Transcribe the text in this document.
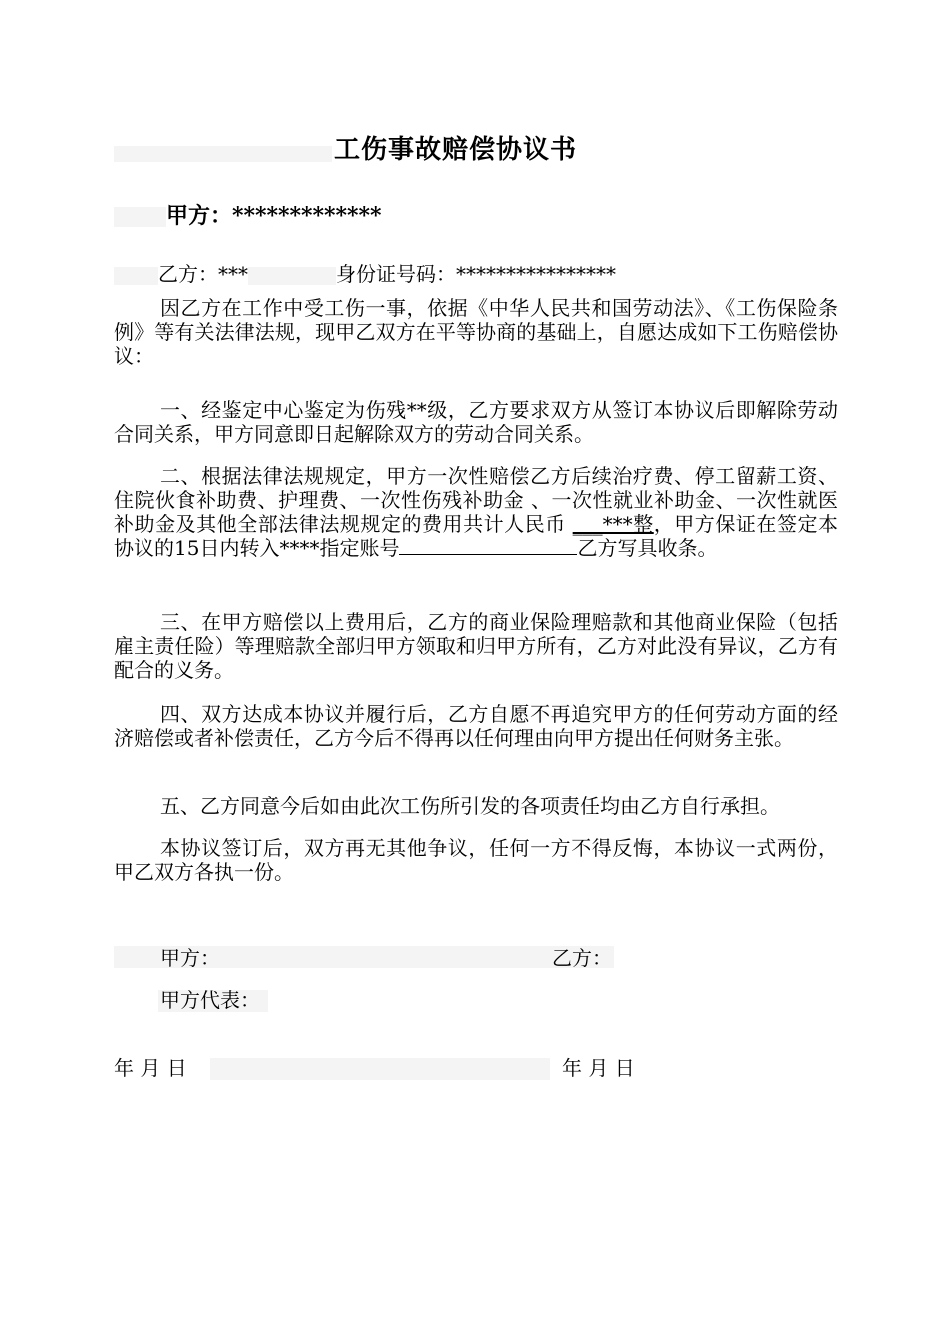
工伤事故赔偿协议书
甲方：*************
乙方：***	身份证号码：****************

因乙方在工作中受工伤一事，依据《中华人民共和国劳动法》、《工伤保险条例》等有关法律法规，现甲乙双方在平等协商的基础上，自愿达成如下工伤赔偿协议：

一、经鉴定中心鉴定为伤残**级，乙方要求双方从签订本协议后即解除劳动合同关系，甲方同意即日起解除双方的劳动合同关系。

二、根据法律法规规定，甲方一次性赔偿乙方后续治疗费、停工留薪工资、住院伙食补助费、护理费、一次性伤残补助金 、一次性就业补助金、一次性就医补助金及其他全部法律法规规定的费用共计人民币 ___***整，甲方保证在签定本协议的15日内转入****指定账号	乙方写具收条。

三、在甲方赔偿以上费用后，乙方的商业保险理赔款和其他商业保险（包括雇主责任险）等理赔款全部归甲方领取和归甲方所有，乙方对此没有异议，乙方有配合的义务。

四、双方达成本协议并履行后，乙方自愿不再追究甲方的任何劳动方面的经济赔偿或者补偿责任，乙方今后不得再以任何理由向甲方提出任何财务主张。

五、乙方同意今后如由此次工伤所引发的各项责任均由乙方自行承担。

本协议签订后，双方再无其他争议，任何一方不得反悔，本协议一式两份，甲乙双方各执一份。

甲方：	乙方：
甲方代表：
年 月 日	年 月 日
